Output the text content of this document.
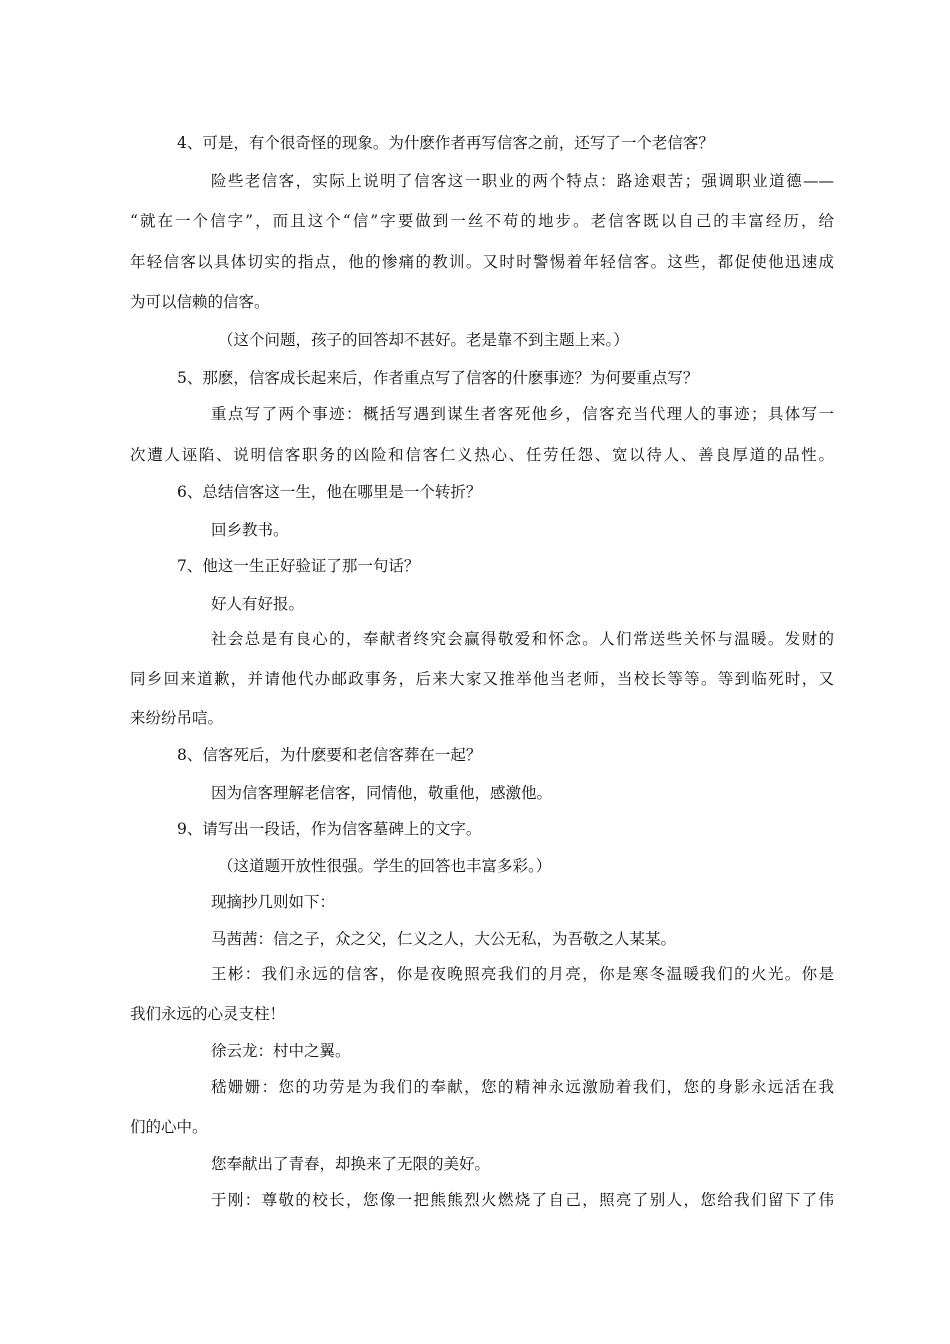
4、可是，有个很奇怪的现象。为什麽作者再写信客之前，还写了一个老信客？
险些老信客，实际上说明了信客这一职业的两个特点：路途艰苦；强调职业道德——
“就在一个信字”，而且这个“信”字要做到一丝不苟的地步。老信客既以自己的丰富经历，给
年轻信客以具体切实的指点，他的惨痛的教训。又时时警惕着年轻信客。这些，都促使他迅速成
为可以信赖的信客。
（这个问题，孩子的回答却不甚好。老是靠不到主题上来。）
5、那麽，信客成长起来后，作者重点写了信客的什麽事迹？为何要重点写？
重点写了两个事迹：概括写遇到谋生者客死他乡，信客充当代理人的事迹；具体写一
次遭人诬陷、说明信客职务的凶险和信客仁义热心、任劳任怨、宽以待人、善良厚道的品性。
6、总结信客这一生，他在哪里是一个转折？
回乡教书。
7、他这一生正好验证了那一句话？
好人有好报。
社会总是有良心的，奉献者终究会赢得敬爱和怀念。人们常送些关怀与温暖。发财的
同乡回来道歉，并请他代办邮政事务，后来大家又推举他当老师，当校长等等。等到临死时，又
来纷纷吊唁。
8、信客死后，为什麽要和老信客葬在一起？
因为信客理解老信客，同情他，敬重他，感激他。
9、请写出一段话，作为信客墓碑上的文字。
（这道题开放性很强。学生的回答也丰富多彩。）
现摘抄几则如下：
马茜茜：信之子，众之父，仁义之人，大公无私，为吾敬之人某某。
王彬：我们永远的信客，你是夜晚照亮我们的月亮，你是寒冬温暖我们的火光。你是
我们永远的心灵支柱！
徐云龙：村中之翼。
嵇姗姗：您的功劳是为我们的奉献，您的精神永远激励着我们，您的身影永远活在我
们的心中。
您奉献出了青春，却换来了无限的美好。
于刚：尊敬的校长，您像一把熊熊烈火燃烧了自己，照亮了别人，您给我们留下了伟
